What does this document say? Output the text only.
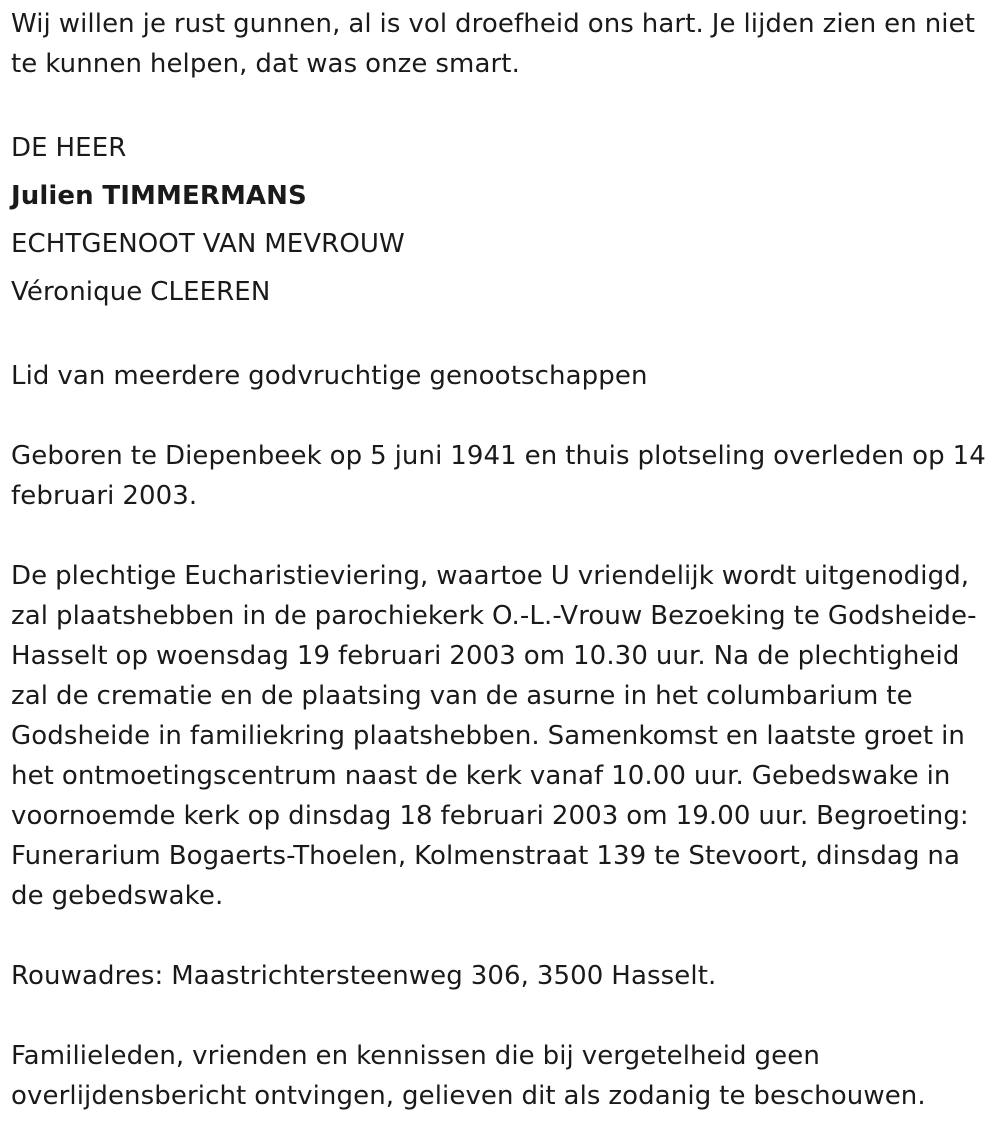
Wij willen je rust gunnen, al is vol droefheid ons hart. Je lijden zien en niet te kunnen helpen, dat was onze smart.

DE HEER

Julien TIMMERMANS

ECHTGENOOT VAN MEVROUW

Véronique CLEEREN

Lid van meerdere godvruchtige genootschappen

Geboren te Diepenbeek op 5 juni 1941 en thuis plotseling overleden op 14 februari 2003.

De plechtige Eucharistieviering, waartoe U vriendelijk wordt uitgenodigd, zal plaatshebben in de parochiekerk O.-L.-Vrouw Bezoeking te Godsheide-Hasselt op woensdag 19 februari 2003 om 10.30 uur. Na de plechtigheid zal de crematie en de plaatsing van de asurne in het columbarium te Godsheide in familiekring plaatshebben. Samenkomst en laatste groet in het ontmoetingscentrum naast de kerk vanaf 10.00 uur. Gebedswake in voornoemde kerk op dinsdag 18 februari 2003 om 19.00 uur. Begroeting: Funerarium Bogaerts-Thoelen, Kolmenstraat 139 te Stevoort, dinsdag na de gebedswake.

Rouwadres: Maastrichtersteenweg 306, 3500 Hasselt.

Familieleden, vrienden en kennissen die bij vergetelheid geen overlijdensbericht ontvingen, gelieven dit als zodanig te beschouwen.
